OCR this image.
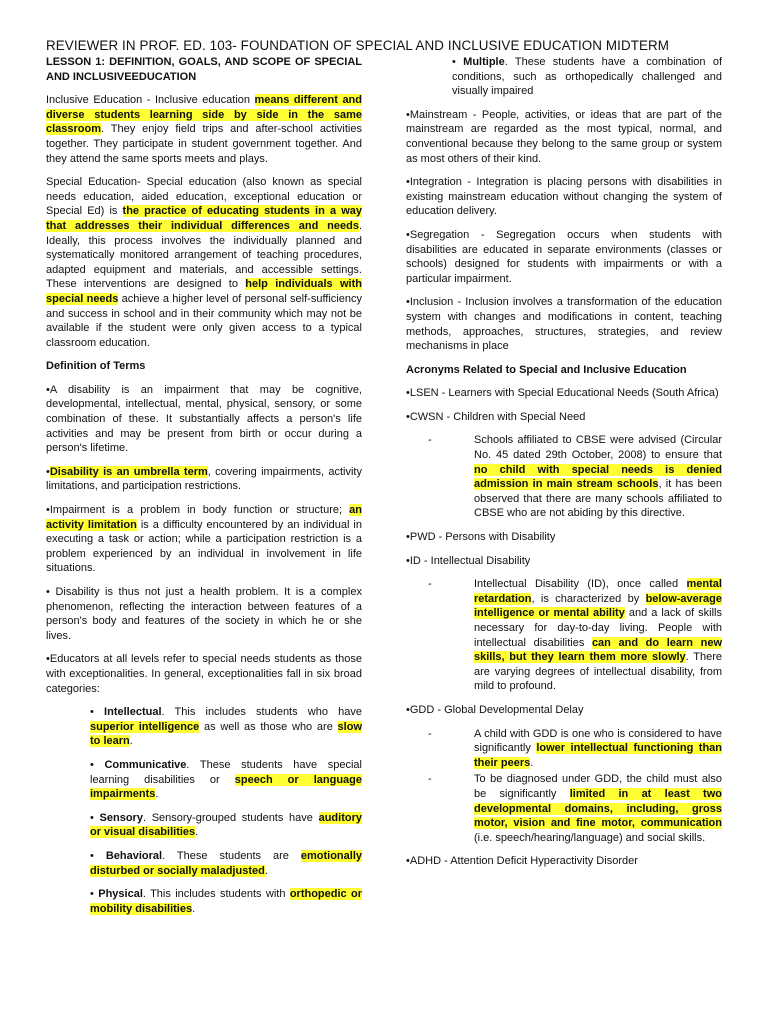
REVIEWER IN PROF. ED. 103- FOUNDATION OF SPECIAL AND INCLUSIVE EDUCATION MIDTERM

LESSON 1: DEFINITION, GOALS, AND SCOPE OF SPECIAL AND INCLUSIVEEDUCATION

Inclusive Education - Inclusive education means different and diverse students learning side by side in the same classroom. They enjoy field trips and after-school activities together. They participate in student government together. And they attend the same sports meets and plays.

Special Education- Special education (also known as special needs education, aided education, exceptional education or Special Ed) is the practice of educating students in a way that addresses their individual differences and needs. Ideally, this process involves the individually planned and systematically monitored arrangement of teaching procedures, adapted equipment and materials, and accessible settings. These interventions are designed to help individuals with special needs achieve a higher level of personal self-sufficiency and success in school and in their community which may not be available if the student were only given access to a typical classroom education.

Definition of Terms

•A disability is an impairment that may be cognitive, developmental, intellectual, mental, physical, sensory, or some combination of these. It substantially affects a person's life activities and may be present from birth or occur during a person's lifetime.

•Disability is an umbrella term, covering impairments, activity limitations, and participation restrictions.

•Impairment is a problem in body function or structure; an activity limitation is a difficulty encountered by an individual in executing a task or action; while a participation restriction is a problem experienced by an individual in involvement in life situations.

• Disability is thus not just a health problem. It is a complex phenomenon, reflecting the interaction between features of a person's body and features of the society in which he or she lives.

•Educators at all levels refer to special needs students as those with exceptionalities. In general, exceptionalities fall in six broad categories:

• Intellectual. This includes students who have superior intelligence as well as those who are slow to learn.
• Communicative. These students have special learning disabilities or speech or language impairments.
• Sensory. Sensory-grouped students have auditory or visual disabilities.
• Behavioral. These students are emotionally disturbed or socially maladjusted.
• Physical. This includes students with orthopedic or mobility disabilities.
• Multiple. These students have a combination of conditions, such as orthopedically challenged and visually impaired

•Mainstream - People, activities, or ideas that are part of the mainstream are regarded as the most typical, normal, and conventional because they belong to the same group or system as most others of their kind.

•Integration - Integration is placing persons with disabilities in existing mainstream education without changing the system of education delivery.

•Segregation - Segregation occurs when students with disabilities are educated in separate environments (classes or schools) designed for students with impairments or with a particular impairment.

•Inclusion - Inclusion involves a transformation of the education system with changes and modifications in content, teaching methods, approaches, structures, strategies, and review mechanisms in place

Acronyms Related to Special and Inclusive Education

•LSEN - Learners with Special Educational Needs (South Africa)

•CWSN - Children with Special Need

-	Schools affiliated to CBSE were advised (Circular No. 45 dated 29th October, 2008) to ensure that no child with special needs is denied admission in main stream schools, it has been observed that there are many schools affiliated to CBSE who are not abiding by this directive.

•PWD - Persons with Disability

•ID - Intellectual Disability

-	Intellectual Disability (ID), once called mental retardation, is characterized by below-average intelligence or mental ability and a lack of skills necessary for day-to-day living. People with intellectual disabilities can and do learn new skills, but they learn them more slowly. There are varying degrees of intellectual disability, from mild to profound.

•GDD - Global Developmental Delay

-	A child with GDD is one who is considered to have significantly lower intellectual functioning than their peers.
-	To be diagnosed under GDD, the child must also be significantly limited in at least two developmental domains, including, gross motor, vision and fine motor, communication (i.e. speech/hearing/language) and social skills.

•ADHD - Attention Deficit Hyperactivity Disorder
